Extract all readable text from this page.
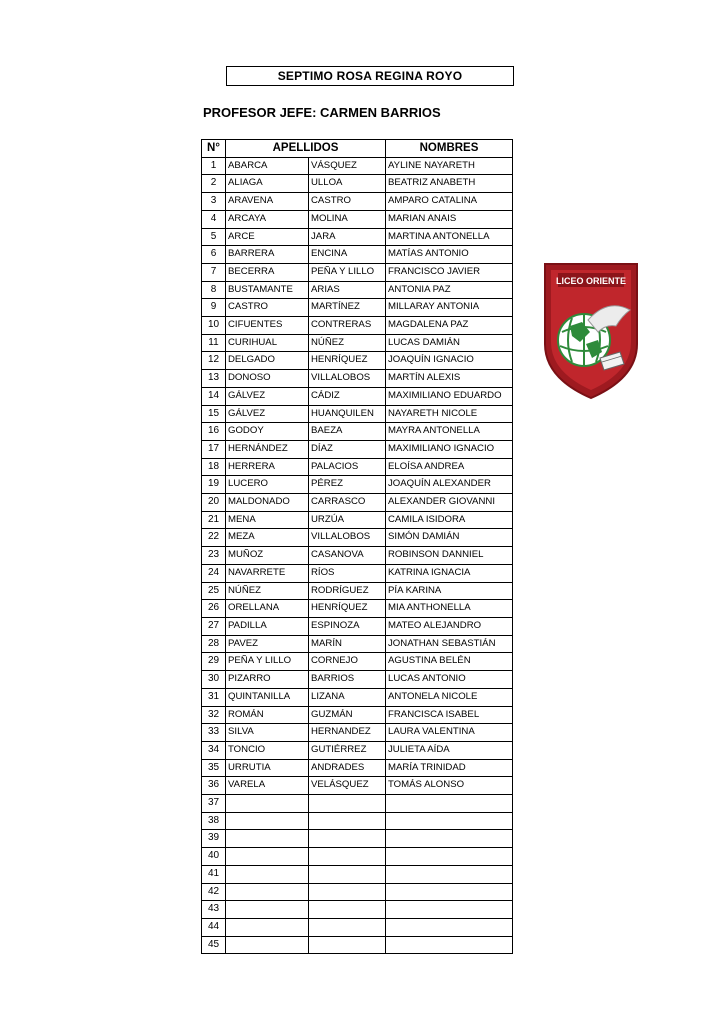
SEPTIMO ROSA REGINA ROYO
PROFESOR JEFE: CARMEN BARRIOS
N°	APELLIDOS		NOMBRES
1	ABARCA	VÁSQUEZ	AYLINE NAYARETH
2	ALIAGA	ULLOA	BEATRIZ ANABETH
3	ARAVENA	CASTRO	AMPARO CATALINA
4	ARCAYA	MOLINA	MARIAN ANAIS
5	ARCE	JARA	MARTINA ANTONELLA
6	BARRERA	ENCINA	MATÍAS ANTONIO
7	BECERRA	PEÑA Y LILLO	FRANCISCO JAVIER
8	BUSTAMANTE	ARIAS	ANTONIA PAZ
9	CASTRO	MARTÍNEZ	MILLARAY ANTONIA
10	CIFUENTES	CONTRERAS	MAGDALENA PAZ
11	CURIHUAL	NÚÑEZ	LUCAS DAMIÁN
12	DELGADO	HENRÍQUEZ	JOAQUÍN IGNACIO
13	DONOSO	VILLALOBOS	MARTÍN ALEXIS
14	GÁLVEZ	CÁDIZ	MAXIMILIANO EDUARDO
15	GÁLVEZ	HUANQUILEN	NAYARETH NICOLE
16	GODOY	BAEZA	MAYRA ANTONELLA
17	HERNÁNDEZ	DÍAZ	MAXIMILIANO IGNACIO
18	HERRERA	PALACIOS	ELOÍSA ANDREA
19	LUCERO	PÉREZ	JOAQUÍN ALEXANDER
20	MALDONADO	CARRASCO	ALEXANDER GIOVANNI
21	MENA	URZÚA	CAMILA ISIDORA
22	MEZA	VILLALOBOS	SIMÓN DAMIÁN
23	MUÑOZ	CASANOVA	ROBINSON DANNIEL
24	NAVARRETE	RÍOS	KATRINA IGNACIA
25	NÚÑEZ	RODRÍGUEZ	PÍA KARINA
26	ORELLANA	HENRÍQUEZ	MIA ANTHONELLA
27	PADILLA	ESPINOZA	MATEO ALEJANDRO
28	PAVEZ	MARÍN	JONATHAN SEBASTIÁN
29	PEÑA Y LILLO	CORNEJO	AGUSTINA BELÉN
30	PIZARRO	BARRIOS	LUCAS ANTONIO
31	QUINTANILLA	LIZANA	ANTONELA NICOLE
32	ROMÁN	GUZMÁN	FRANCISCA ISABEL
33	SILVA	HERNANDEZ	LAURA VALENTINA
34	TONCIO	GUTIÉRREZ	JULIETA AÍDA
35	URRUTIA	ANDRADES	MARÍA TRINIDAD
36	VARELA	VELÁSQUEZ	TOMÁS ALONSO
37			
38			
39			
40			
41			
42			
43			
44			
45			
LICEO ORIENTE
